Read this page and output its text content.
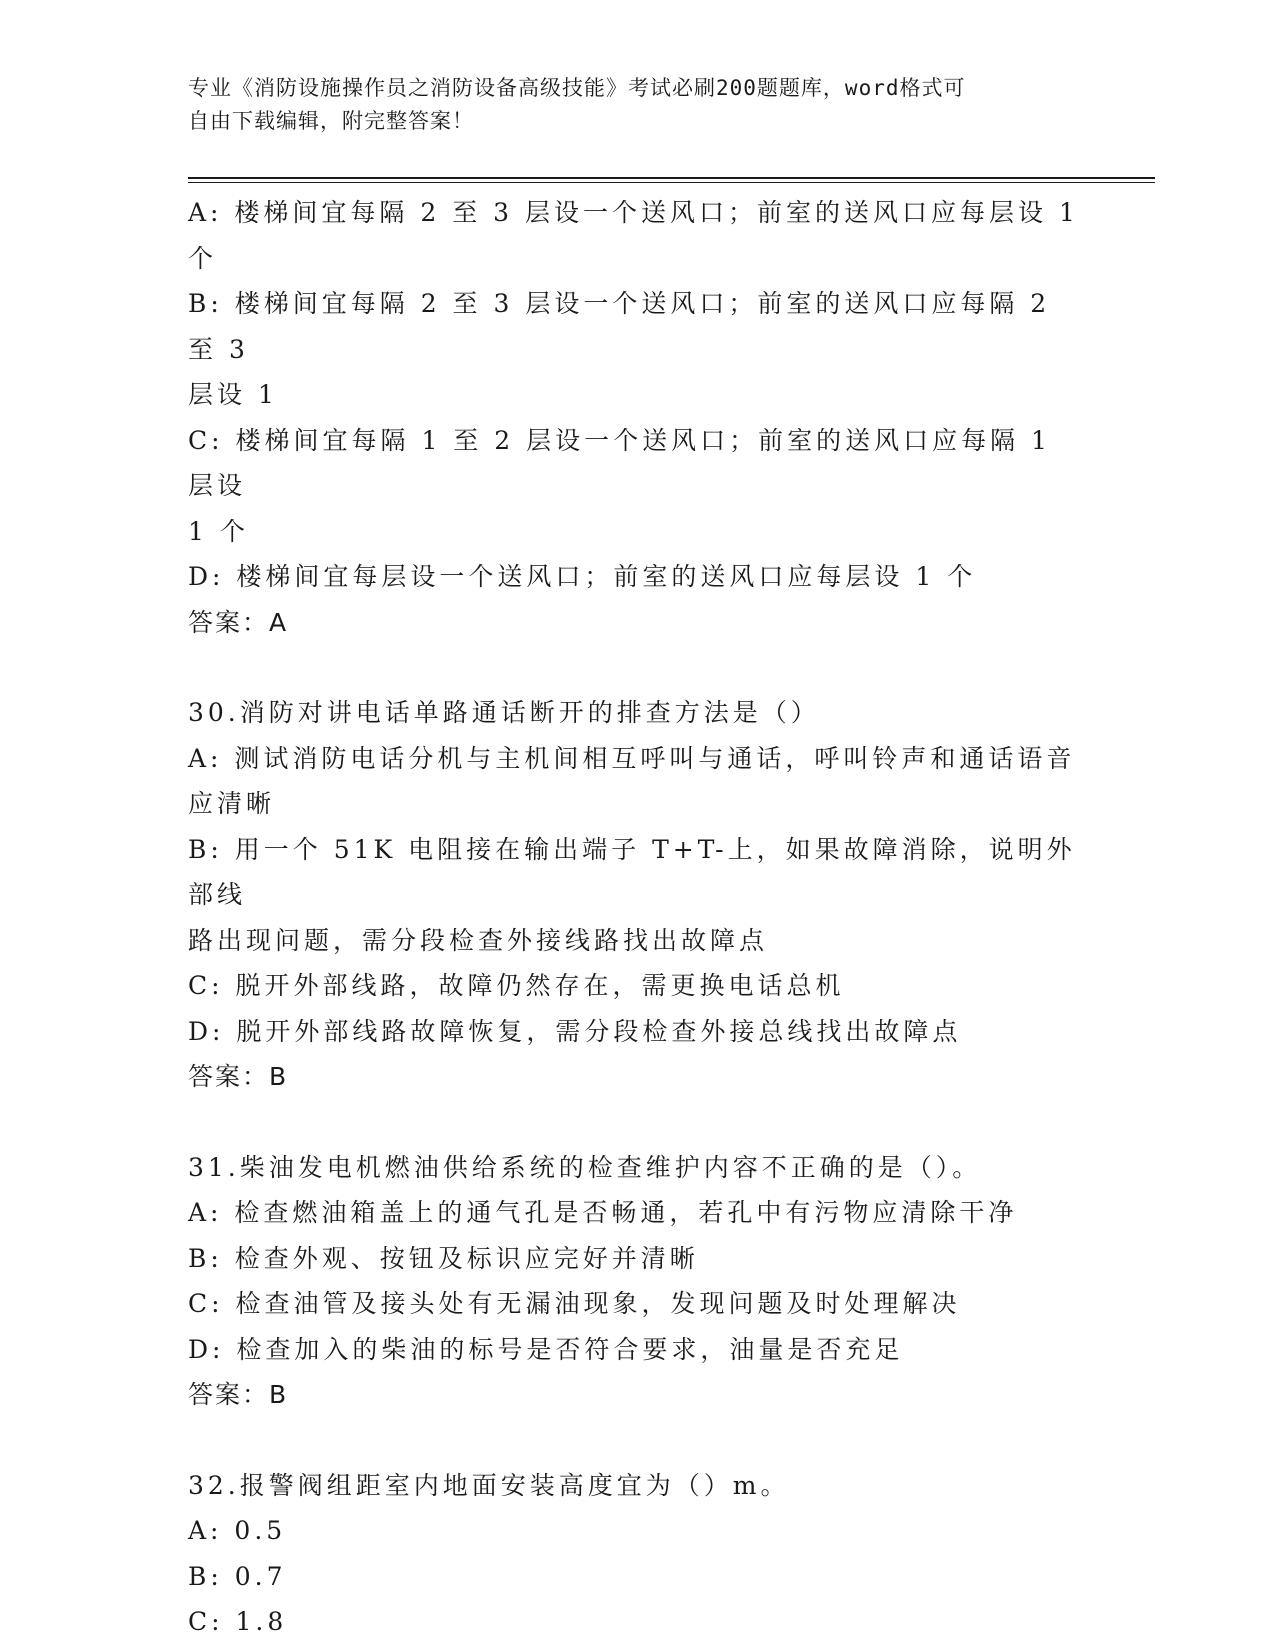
专业《消防设施操作员之消防设备高级技能》考试必刷200题题库，word格式可
自由下载编辑，附完整答案！
A: 楼梯间宜每隔 2 至 3 层设一个送风口；前室的送风口应每层设 1 个
B: 楼梯间宜每隔 2 至 3 层设一个送风口；前室的送风口应每隔 2 至 3
层设 1
C: 楼梯间宜每隔 1 至 2 层设一个送风口；前室的送风口应每隔 1 层设
1 个
D: 楼梯间宜每层设一个送风口；前室的送风口应每层设 1 个
答案：A
30.消防对讲电话单路通话断开的排查方法是（）
A: 测试消防电话分机与主机间相互呼叫与通话，呼叫铃声和通话语音
应清晰
B: 用一个 51K 电阻接在输出端子 T+T-上，如果故障消除，说明外部线
路出现问题，需分段检查外接线路找出故障点
C: 脱开外部线路，故障仍然存在，需更换电话总机
D: 脱开外部线路故障恢复，需分段检查外接总线找出故障点
答案：B
31.柴油发电机燃油供给系统的检查维护内容不正确的是（）。
A: 检查燃油箱盖上的通气孔是否畅通，若孔中有污物应清除干净
B: 检查外观、按钮及标识应完好并清晰
C: 检查油管及接头处有无漏油现象，发现问题及时处理解决
D: 检查加入的柴油的标号是否符合要求，油量是否充足
答案：B
32.报警阀组距室内地面安装高度宜为（）m。
A: 0.5
B: 0.7
C: 1.8
